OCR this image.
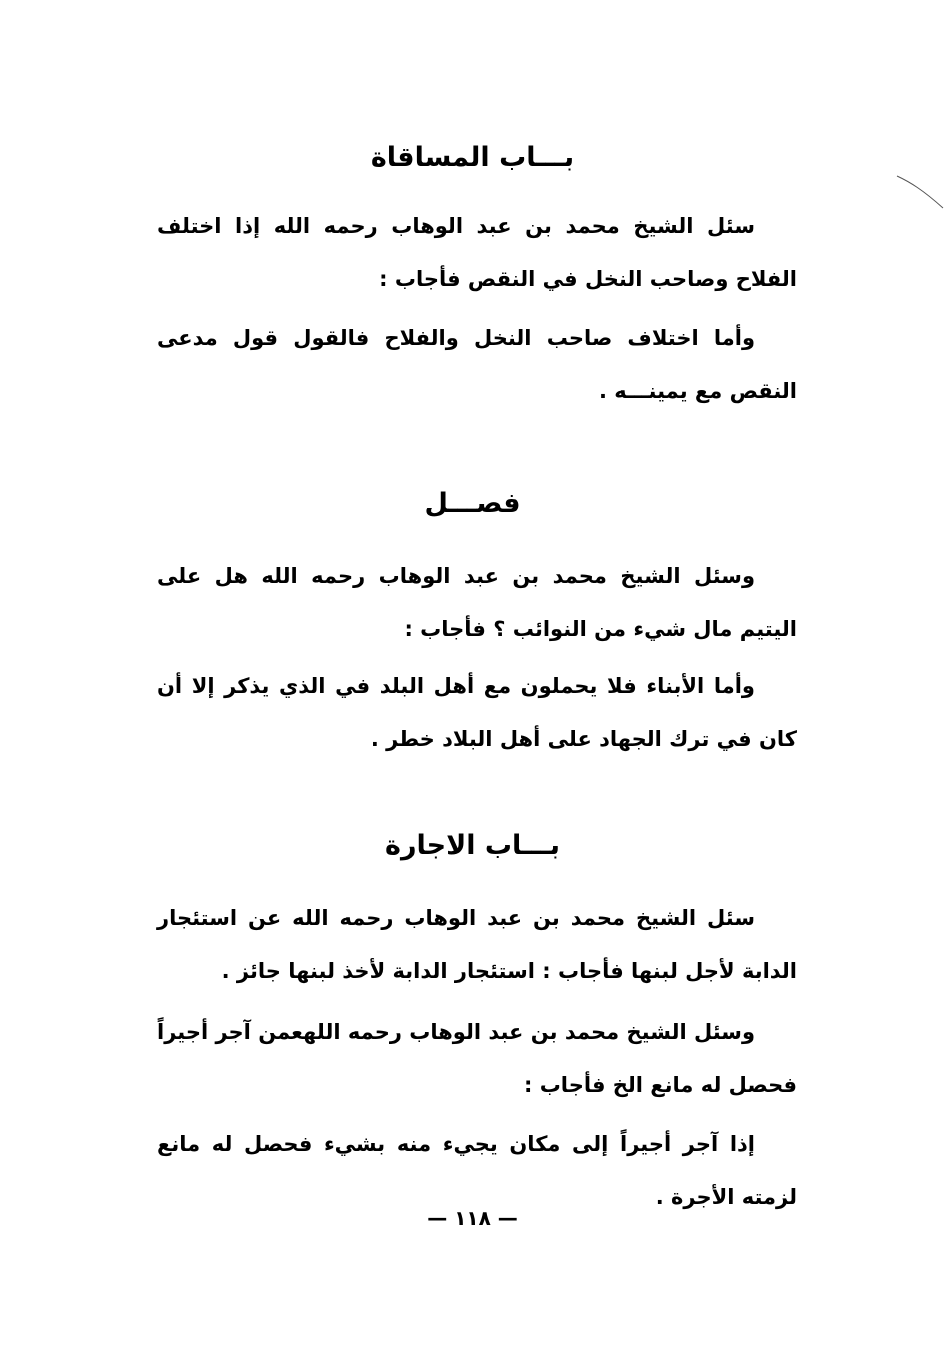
بـــاب المساقاة
سئل الشيخ محمد بن عبد الوهاب رحمه الله إذا اختلف الفلاح وصاحب النخل في النقص فأجاب :
وأما اختلاف صاحب النخل والفلاح فالقول قول مدعى النقص مع يمينـــه .
فصـــل
وسئل الشيخ محمد بن عبد الوهاب رحمه الله هل على اليتيم مال شيء من النوائب ؟ فأجاب :
وأما الأبناء فلا يحملون مع أهل البلد في الذي يذكر إلا أن كان في ترك الجهاد على أهل البلاد خطر .
بـــاب الاجارة
سئل الشيخ محمد بن عبد الوهاب رحمه الله عن استئجار الدابة لأجل لبنها فأجاب : استئجار الدابة لأخذ لبنها جائز .
وسئل الشيخ محمد بن عبد الوهاب رحمه اللهعمن آجر أجيراً فحصل له مانع الخ فأجاب :
إذا آجر أجيراً إلى مكان يجيء منه بشيء فحصل له مانع لزمته الأجرة .
— ١١٨ —
